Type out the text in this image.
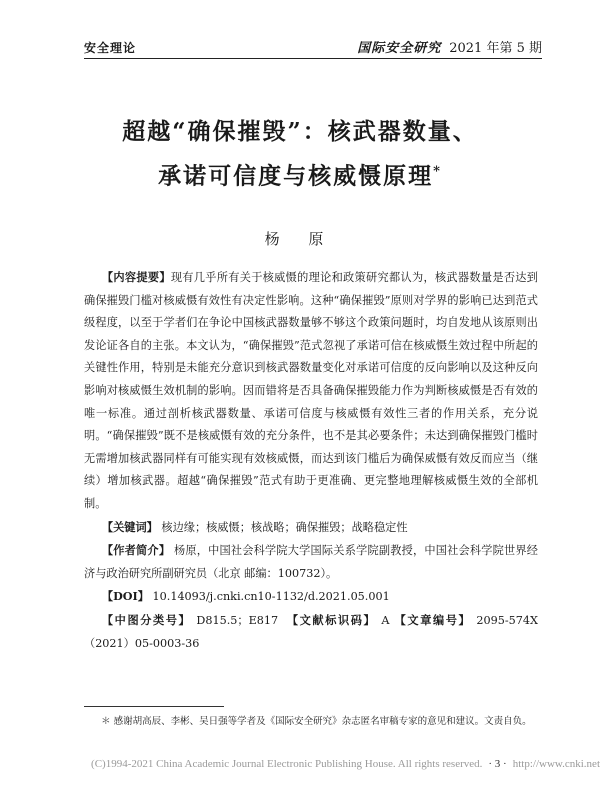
安全理论	国际安全研究 2021 年第 5 期
超越“确保摧毁”：核武器数量、
承诺可信度与核威慑原理*
杨 原

【内容提要】现有几乎所有关于核威慑的理论和政策研究都认为，核武器数量是否达到确保摧毁门槛对核威慑有效性有决定性影响。这种“确保摧毁”原则对学界的影响已达到范式级程度，以至于学者们在争论中国核武器数量够不够这个政策问题时，均自发地从该原则出发论证各自的主张。本文认为，“确保摧毁”范式忽视了承诺可信在核威慑生效过程中所起的关键性作用，特别是未能充分意识到核武器数量变化对承诺可信度的反向影响以及这种反向影响对核威慑生效机制的影响。因而错将是否具备确保摧毁能力作为判断核威慑是否有效的唯一标准。通过剖析核武器数量、承诺可信度与核威慑有效性三者的作用关系，充分说明。“确保摧毁”既不是核威慑有效的充分条件，也不是其必要条件；未达到确保摧毁门槛时无需增加核武器同样有可能实现有效核威慑，而达到该门槛后为确保威慑有效反而应当（继续）增加核武器。超越“确保摧毁”范式有助于更准确、更完整地理解核威慑生效的全部机制。

【关键词】 核边缘；核威慑；核战略；确保摧毁；战略稳定性

【作者简介】 杨原，中国社会科学院大学国际关系学院副教授，中国社会科学院世界经济与政治研究所副研究员（北京 邮编：100732）。

【DOI】 10.14093/j.cnki.cn10-1132/d.2021.05.001

【中图分类号】 D815.5；E817　 【文献标识码】 A 【文章编号】 2095-574X（2021）05-0003-36

＊ 感谢胡高辰、李彬、吴日强等学者及《国际安全研究》杂志匿名审稿专家的意见和建议。文责自负。
(C)1994-2021 China Academic Journal Electronic Publishing House. All rights reserved. · 3 · http://www.cnki.net
